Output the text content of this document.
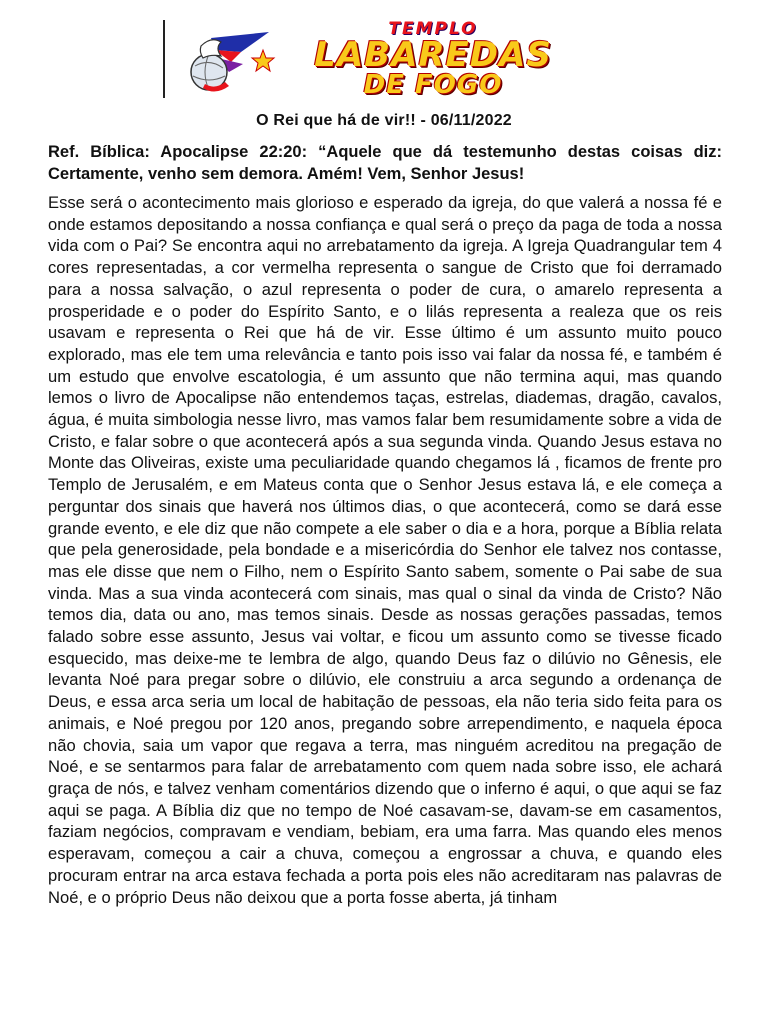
TEMPLO
LABAREDAS
DE FOGO
O Rei que há de vir!! - 06/11/2022
Ref. Bíblica: Apocalipse 22:20: “Aquele que dá testemunho destas coisas diz: Certamente, venho sem demora. Amém! Vem, Senhor Jesus!
Esse será o acontecimento mais glorioso e esperado da igreja, do que valerá a nossa fé e onde estamos depositando a nossa confiança e qual será o preço da paga de toda a nossa vida com o Pai? Se encontra aqui no arrebatamento da igreja. A Igreja Quadrangular tem 4 cores representadas, a cor vermelha representa o sangue de Cristo que foi derramado para a nossa salvação, o azul representa o poder de cura, o amarelo representa a prosperidade e o poder do Espírito Santo, e o lilás representa a realeza que os reis usavam e representa o Rei que há de vir. Esse último é um assunto muito pouco explorado, mas ele tem uma relevância e tanto pois isso vai falar da nossa fé, e também é um estudo que envolve escatologia, é um assunto que não termina aqui, mas quando lemos o livro de Apocalipse não entendemos taças, estrelas, diademas, dragão, cavalos, água, é muita simbologia nesse livro, mas vamos falar bem resumidamente sobre a vida de Cristo, e falar sobre o que acontecerá após a sua segunda vinda. Quando Jesus estava no Monte das Oliveiras, existe uma peculiaridade quando chegamos lá , ficamos de frente pro Templo de Jerusalém, e em Mateus conta que o Senhor Jesus estava lá, e ele começa a perguntar dos sinais que haverá nos últimos dias, o que acontecerá, como se dará esse grande evento, e ele diz que não compete a ele saber o dia e a hora, porque a Bíblia relata que pela generosidade, pela bondade e a misericórdia do Senhor ele talvez nos contasse, mas ele disse que nem o Filho, nem o Espírito Santo sabem, somente o Pai sabe de sua vinda. Mas a sua vinda acontecerá com sinais, mas qual o sinal da vinda de Cristo? Não temos dia, data ou ano, mas temos sinais. Desde as nossas gerações passadas, temos falado sobre esse assunto, Jesus vai voltar, e ficou um assunto como se tivesse ficado esquecido, mas deixe-me te lembra de algo, quando Deus faz o dilúvio no Gênesis, ele levanta Noé para pregar sobre o dilúvio, ele construiu a arca segundo a ordenança de Deus, e essa arca seria um local de habitação de pessoas, ela não teria sido feita para os animais, e Noé pregou por 120 anos, pregando sobre arrependimento, e naquela época não chovia, saia um vapor que regava a terra, mas ninguém acreditou na pregação de Noé, e se sentarmos para falar de arrebatamento com quem nada sobre isso, ele achará graça de nós, e talvez venham comentários dizendo que o inferno é aqui, o que aqui se faz aqui se paga. A Bíblia diz que no tempo de Noé casavam-se, davam-se em casamentos, faziam negócios, compravam e vendiam, bebiam, era uma farra. Mas quando eles menos esperavam, começou a cair a chuva, começou a engrossar a chuva, e quando eles procuram entrar na arca estava fechada a porta pois eles não acreditaram nas palavras de Noé, e o próprio Deus não deixou que a porta fosse aberta, já tinham
